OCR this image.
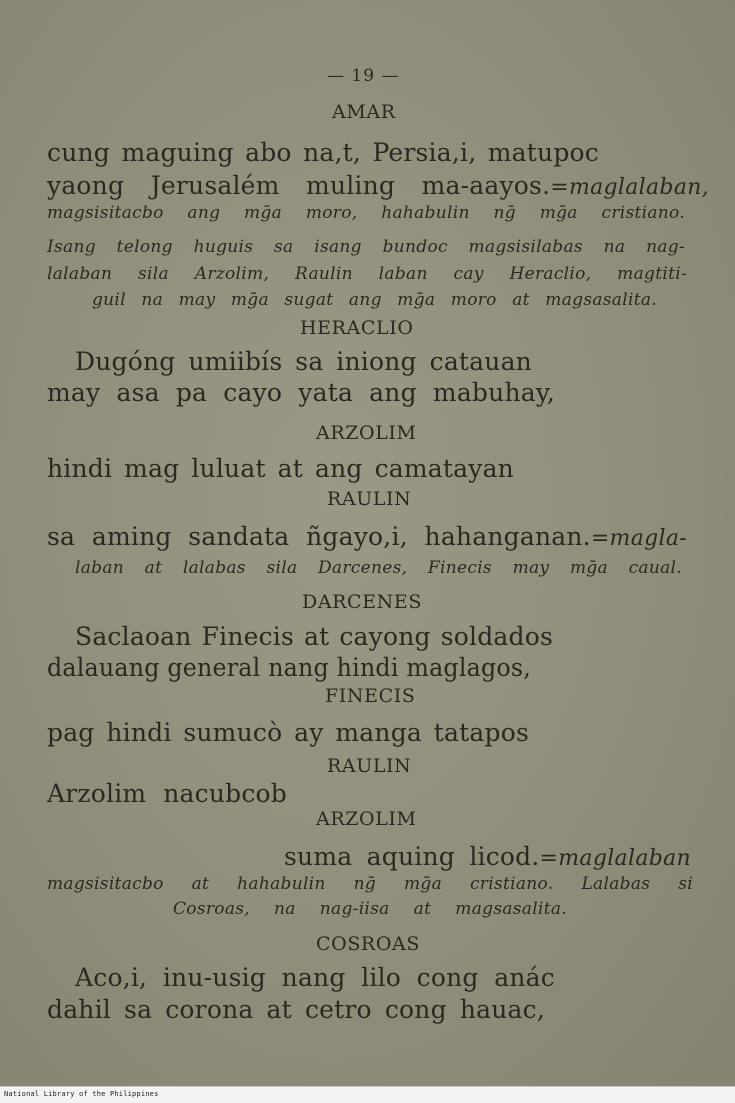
— 19 —
AMAR
cung maguing abo na,t, Persia,i, matupoc
yaong Jerusalém muling ma-aayos.=maglalaban,
magsisitacbo ang mḡa moro, hahabulin nḡ mḡa cristiano.
Isang telong huguis sa isang bundoc magsisilabas na nag-
lalaban sila Arzolim, Raulin laban cay Heraclio, magtiti-
guil na may mḡa sugat ang mḡa moro at magsasalita.
HERACLIO
Dugóng umiibís sa iniong catauan
may asa pa cayo yata ang mabuhay,
ARZOLIM
hindi mag luluat at ang camatayan
RAULIN
sa aming sandata ñgayo,i, hahanganan.=magla-
laban at lalabas sila Darcenes, Finecis may mḡa caual.
DARCENES
Saclaoan Finecis at cayong soldados
dalauang general nang hindi maglagos,
FINECIS
pag hindi sumucò ay manga tatapos
RAULIN
Arzolim nacubcob
ARZOLIM
suma aquing licod.=maglalaban
magsisitacbo at hahabulin nḡ mḡa cristiano. Lalabas si
Cosroas, na nag-iisa at magsasalita.
COSROAS
Aco,i, inu-usig nang lilo cong anác
dahil sa corona at cetro cong hauac,
National Library of the Philippines
